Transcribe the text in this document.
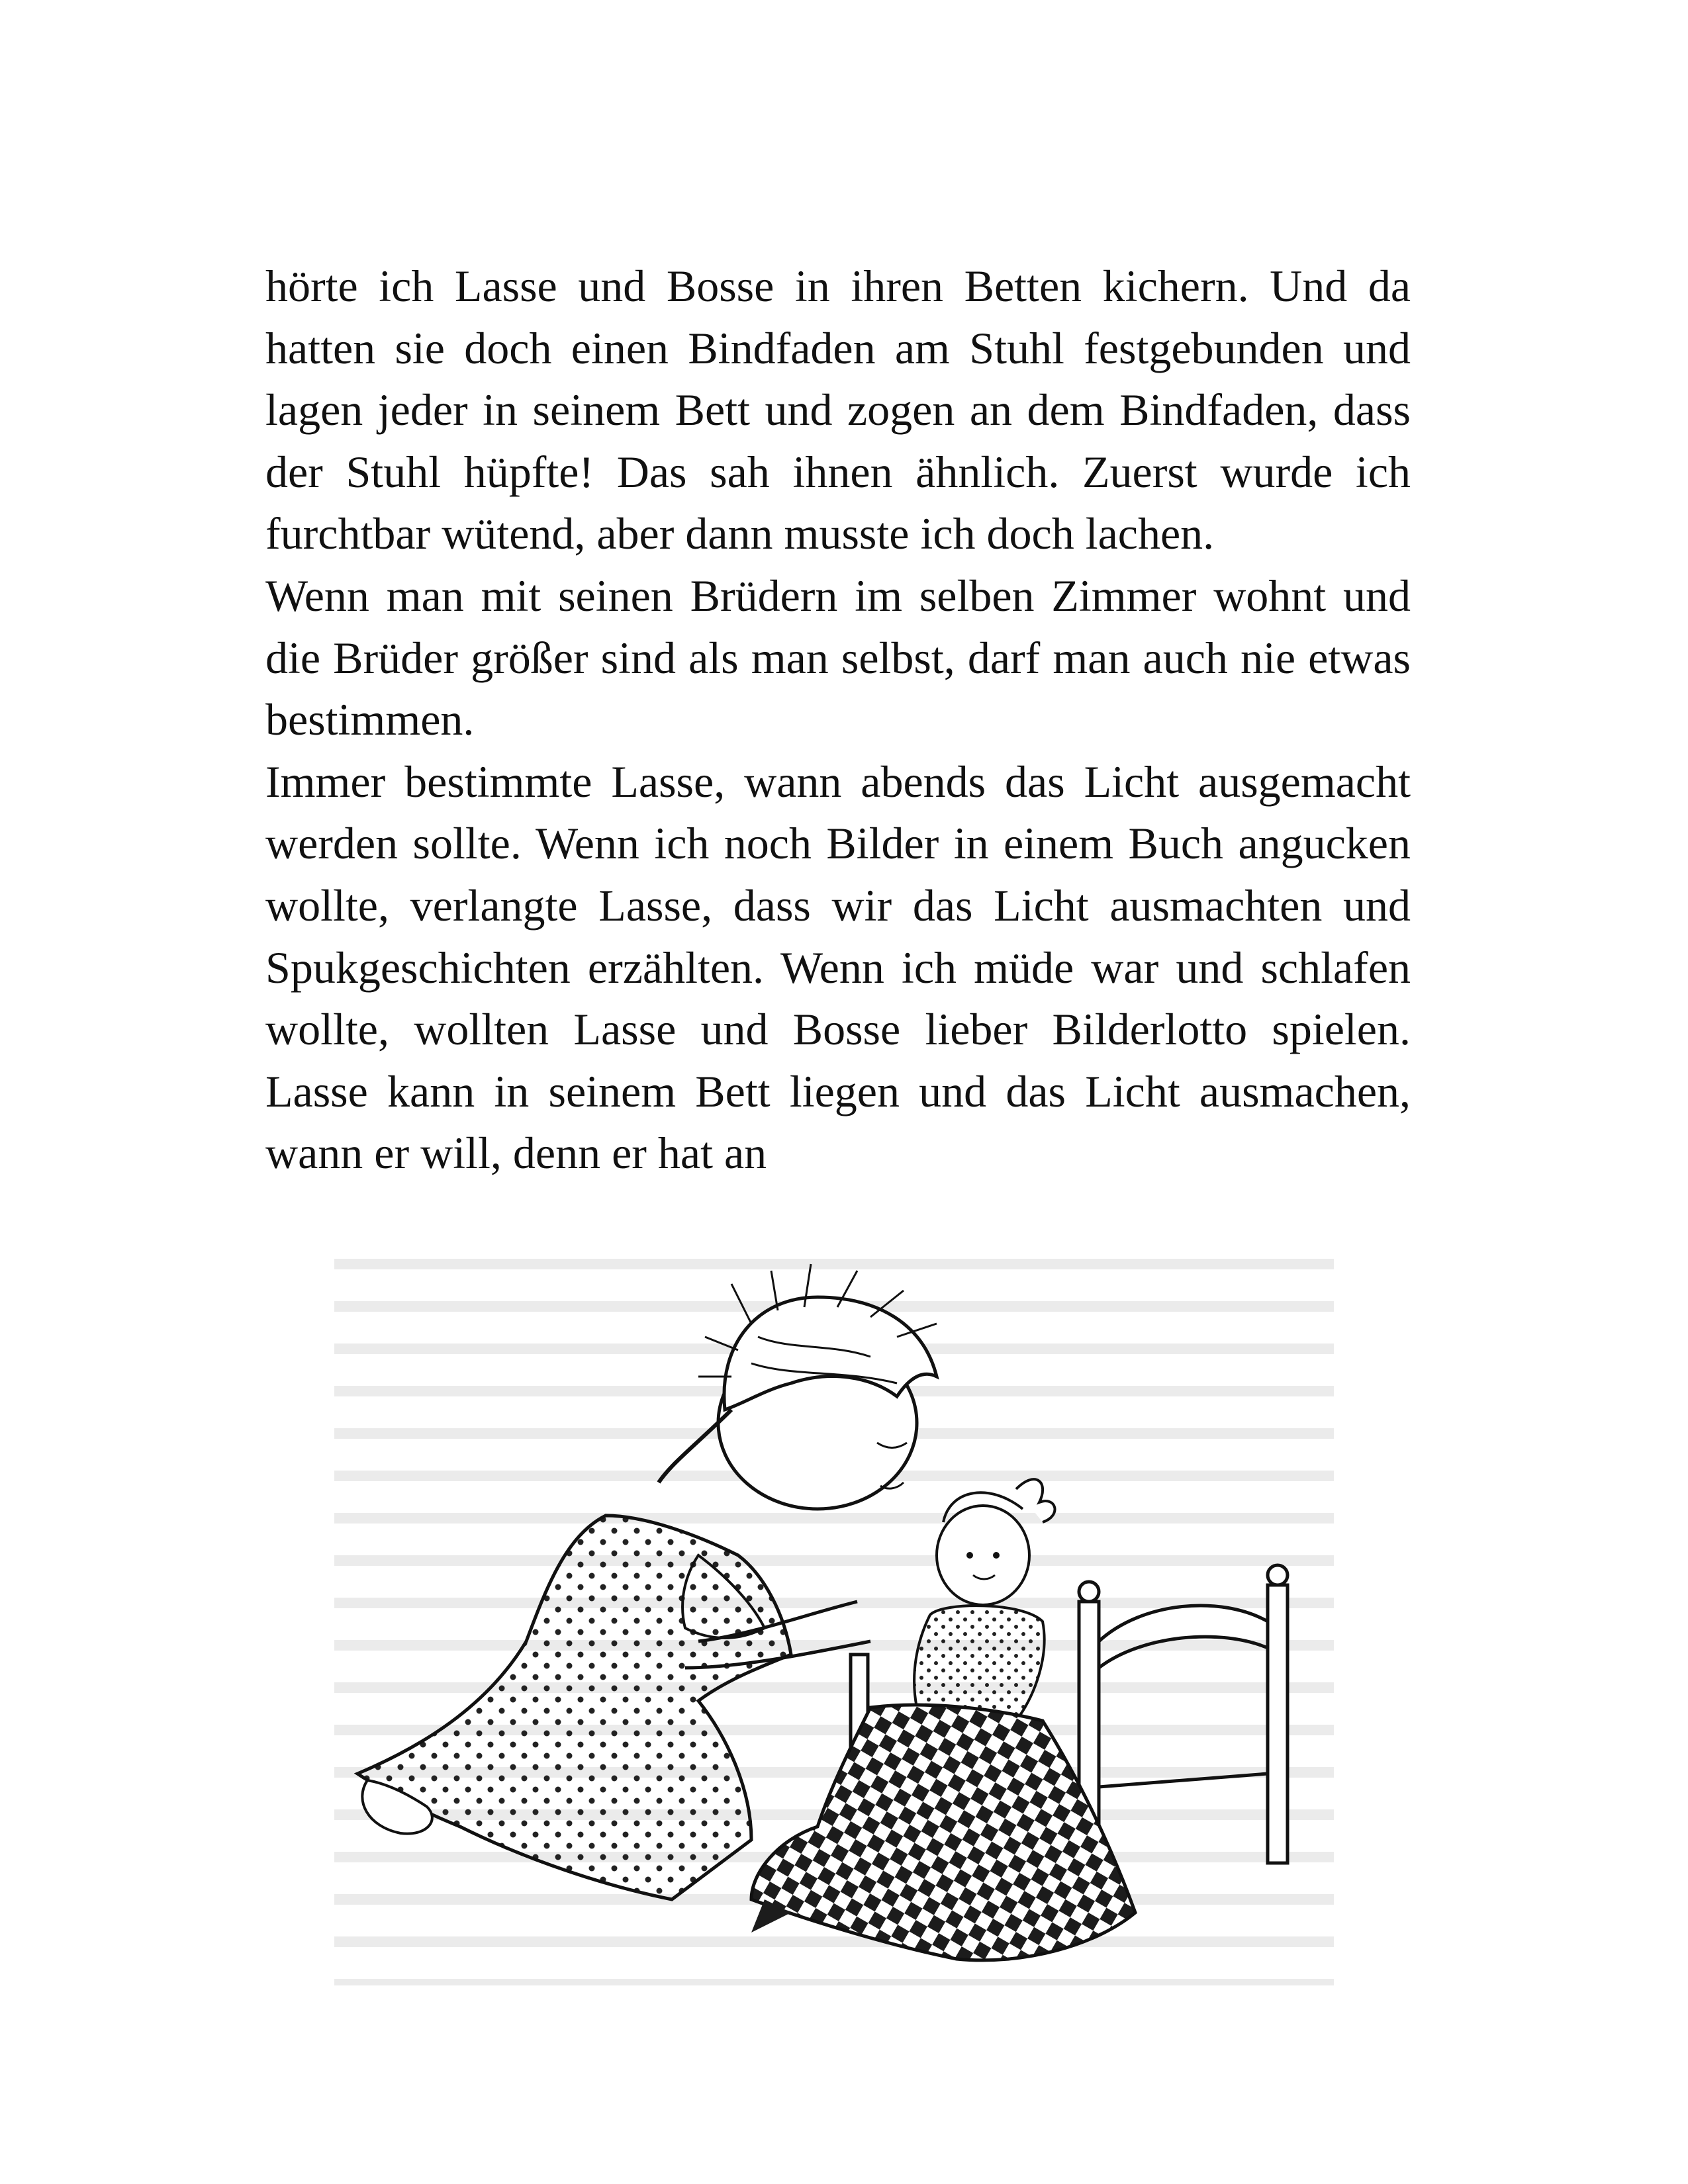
hörte ich Lasse und Bosse in ihren Betten kichern. Und da
hatten sie doch einen Bindfaden am Stuhl festgebunden und
lagen jeder in seinem Bett und zogen an dem Bindfaden, dass
der Stuhl hüpfte! Das sah ihnen ähnlich. Zuerst wurde ich
furchtbar wütend, aber dann musste ich doch lachen.

Wenn man mit seinen Brüdern im selben Zimmer wohnt und
die Brüder größer sind als man selbst, darf man auch nie etwas
bestimmen.

Immer bestimmte Lasse, wann abends das Licht ausgemacht
werden sollte. Wenn ich noch Bilder in einem Buch angucken
wollte, verlangte Lasse, dass wir das Licht ausmachten und
Spukgeschichten erzählten. Wenn ich müde war und schlafen
wollte, wollten Lasse und Bosse lieber Bilderlotto spielen.
Lasse kann in seinem Bett liegen und das Licht ausmachen,
wann er will, denn er hat an
